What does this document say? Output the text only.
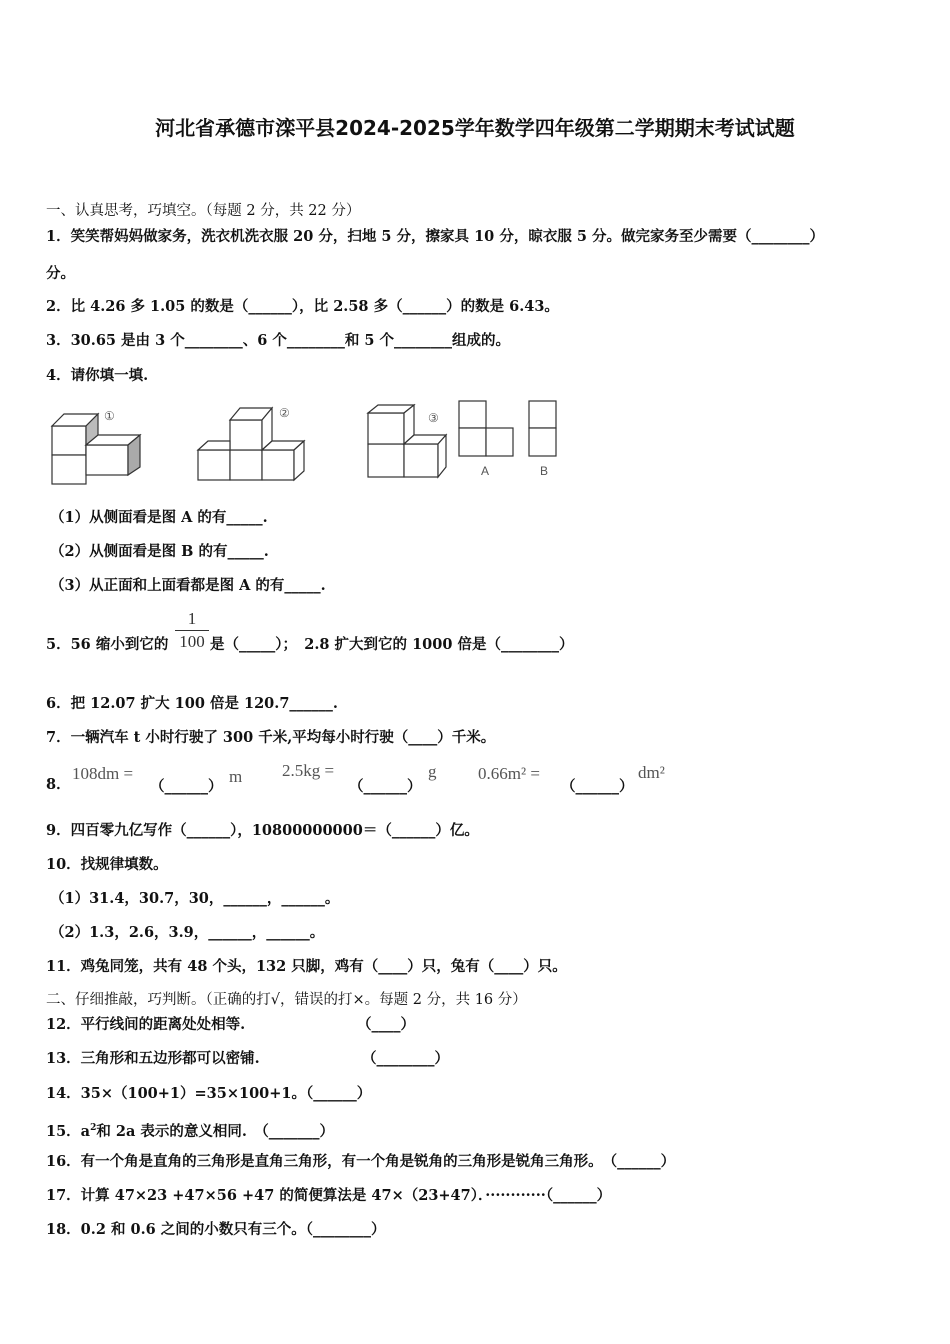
河北省承德市滦平县2024-2025学年数学四年级第二学期期末考试试题
一、认真思考，巧填空。（每题 2 分，共 22 分）
1．笑笑帮妈妈做家务，洗衣机洗衣服 20 分，扫地 5 分，擦家具 10 分，晾衣服 5 分。做完家务至少需要（________）
分。
2．比 4.26 多 1.05 的数是（______），比 2.58 多（______）的数是 6.43。
3．30.65 是由 3 个________、6 个________和 5 个________组成的。
4．请你填一填.
①	②	③
A	B
（1）从侧面看是图 A 的有_____.
（2）从侧面看是图 B 的有_____.
（3）从正面和上面看都是图 A 的有_____.
5．56 缩小到它的
1
100 是（_____）；　2.8 扩大到它的 1000 倍是（________）
6．把 12.07 扩大 100 倍是 120.7______.
7．一辆汽车 t 小时行驶了 300 千米,平均每小时行驶（____）千米。
8．
108dm =
（______）
m 2.5kg =
（______）
g 0.66m² =
（______）
dm²
9．四百零九亿写作（______），10800000000＝（______）亿。
10．找规律填数。
（1）31.4，30.7，30，______，______。
（2）1.3，2.6，3.9，______，______。
11．鸡兔同笼，共有 48 个头，132 只脚，鸡有（____）只，兔有（____）只。
二、仔细推敲，巧判断。（正确的打√，错误的打×。每题 2 分，共 16 分）
12．平行线间的距离处处相等.	（____）
13．三角形和五边形都可以密铺.	（________）
14．35×（100+1）=35×100+1。（______）
15．$a^2$和 2a 表示的意义相同.　（_______）
16．有一个角是直角的三角形是直角三角形，有一个角是锐角的三角形是锐角三角形。　（______）
17．计算 47×23 +47×56 +47 的简便算法是 47×（23+47）．············（______）
18．0.2 和 0.6 之间的小数只有三个。（________）
